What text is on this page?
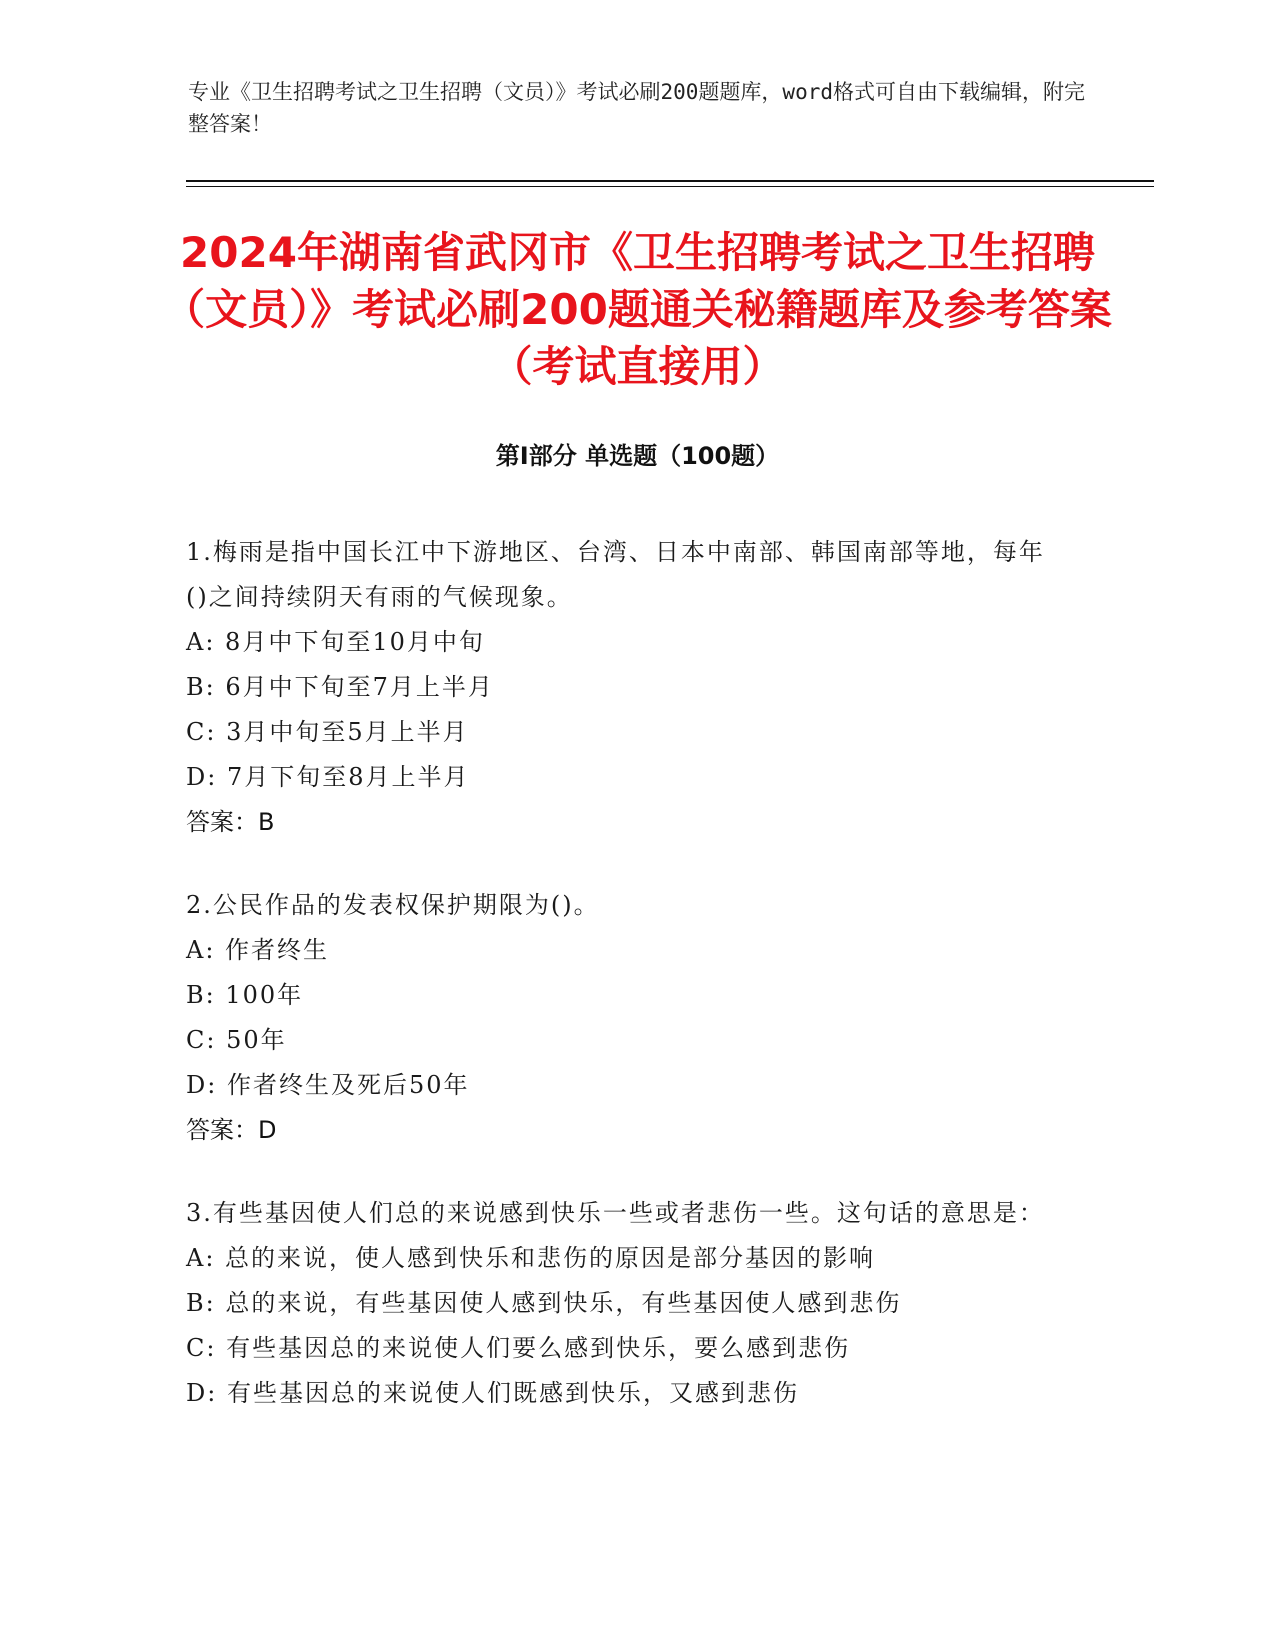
专业《卫生招聘考试之卫生招聘（文员）》考试必刷200题题库，word格式可自由下载编辑，附完整答案！
2024年湖南省武冈市《卫生招聘考试之卫生招聘（文员）》考试必刷200题通关秘籍题库及参考答案（考试直接用）
第Ⅰ部分 单选题（100题）
1.梅雨是指中国长江中下游地区、台湾、日本中南部、韩国南部等地，每年()之间持续阴天有雨的气候现象。
A: 8月中下旬至10月中旬
B: 6月中下旬至7月上半月
C: 3月中旬至5月上半月
D: 7月下旬至8月上半月
答案：B
2.公民作品的发表权保护期限为()。
A: 作者终生
B: 100年
C: 50年
D: 作者终生及死后50年
答案：D
3.有些基因使人们总的来说感到快乐一些或者悲伤一些。这句话的意思是：
A: 总的来说，使人感到快乐和悲伤的原因是部分基因的影响
B: 总的来说，有些基因使人感到快乐，有些基因使人感到悲伤
C: 有些基因总的来说使人们要么感到快乐，要么感到悲伤
D: 有些基因总的来说使人们既感到快乐，又感到悲伤
